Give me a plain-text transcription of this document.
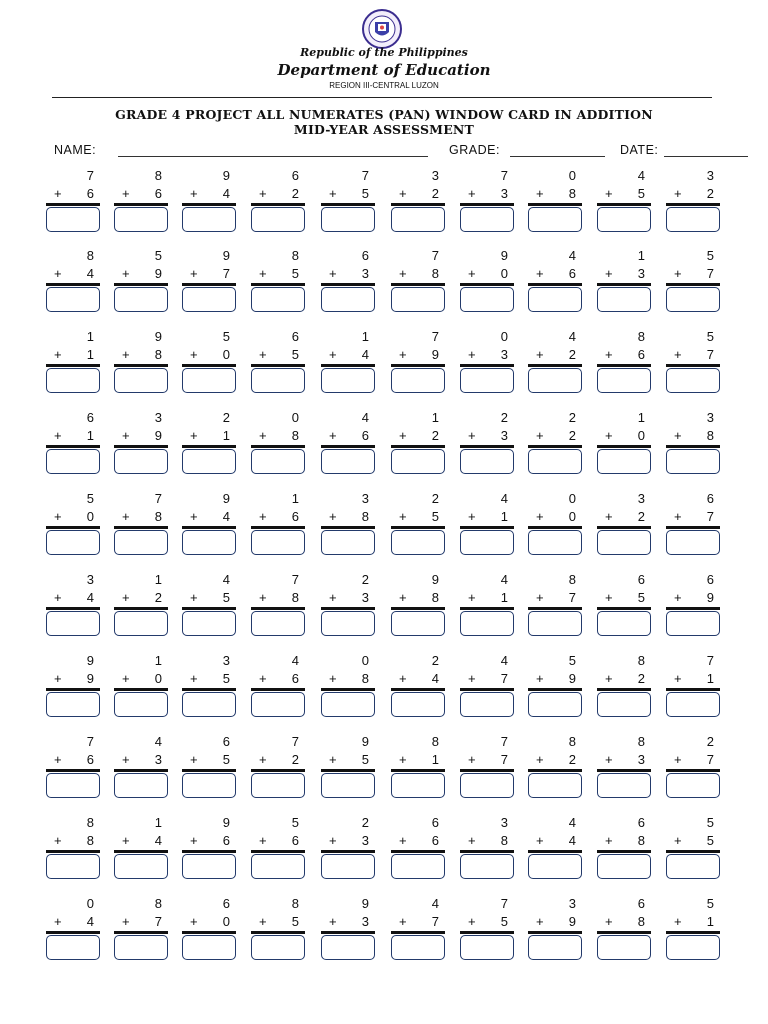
Republic of the Philippines
Department of Education
REGION III-CENTRAL LUZON
GRADE 4 PROJECT ALL NUMERATES (PAN) WINDOW CARD IN ADDITION
MID-YEAR ASSESSMENT
NAME:	GRADE:	DATE:
7
+ 6
8
+ 6
9
+ 4
6
+ 2
7
+ 5
3
+ 2
7
+ 3
0
+ 8
4
+ 5
3
+ 2
8
+ 4
5
+ 9
9
+ 7
8
+ 5
6
+ 3
7
+ 8
9
+ 0
4
+ 6
1
+ 3
5
+ 7
1
+ 1
9
+ 8
5
+ 0
6
+ 5
1
+ 4
7
+ 9
0
+ 3
4
+ 2
8
+ 6
5
+ 7
6
+ 1
3
+ 9
2
+ 1
0
+ 8
4
+ 6
1
+ 2
2
+ 3
2
+ 2
1
+ 0
3
+ 8
5
+ 0
7
+ 8
9
+ 4
1
+ 6
3
+ 8
2
+ 5
4
+ 1
0
+ 0
3
+ 2
6
+ 7
3
+ 4
1
+ 2
4
+ 5
7
+ 8
2
+ 3
9
+ 8
4
+ 1
8
+ 7
6
+ 5
6
+ 9
9
+ 9
1
+ 0
3
+ 5
4
+ 6
0
+ 8
2
+ 4
4
+ 7
5
+ 9
8
+ 2
7
+ 1
7
+ 6
4
+ 3
6
+ 5
7
+ 2
9
+ 5
8
+ 1
7
+ 7
8
+ 2
8
+ 3
2
+ 7
8
+ 8
1
+ 4
9
+ 6
5
+ 6
2
+ 3
6
+ 6
3
+ 8
4
+ 4
6
+ 8
5
+ 5
0
+ 4
8
+ 7
6
+ 0
8
+ 5
9
+ 3
4
+ 7
7
+ 5
3
+ 9
6
+ 8
5
+ 1
